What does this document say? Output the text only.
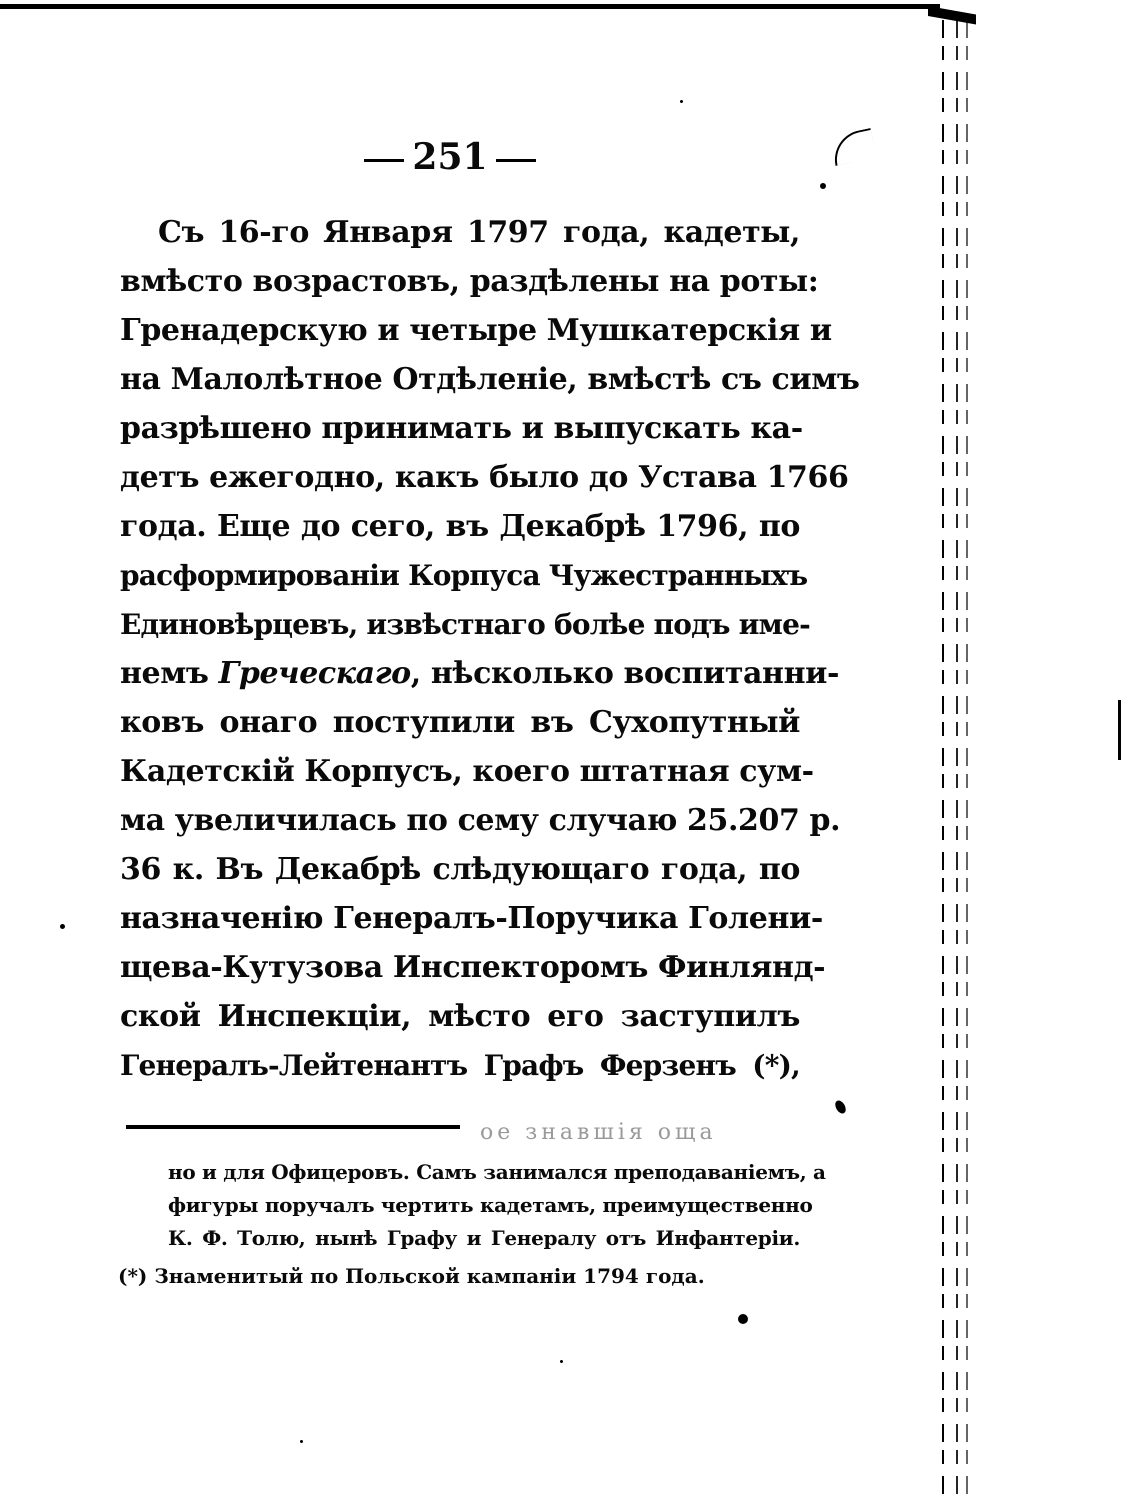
251
Съ 16-го Января 1797 года, кадеты,
вмѣсто возрастовъ, раздѣлены на роты:
Гренадерскую и четыре Мушкатерскія и
на Малолѣтное Отдѣленіе, вмѣстѣ съ симъ
разрѣшено принимать и выпускать ка-
детъ ежегодно, какъ было до Устава 1766
года. Еще до сего, въ Декабрѣ 1796, по
расформированіи Корпуса Чужестранныхъ
Единовѣрцевъ, извѣстнаго болѣе подъ име-
немъ Греческаго, нѣсколько воспитанни-
ковъ онаго поступили въ Сухопутный
Кадетскій Корпусъ, коего штатная сум-
ма увеличилась по сему случаю 25.207 р.
36 к. Въ Декабрѣ слѣдующаго года, по
назначенію Генералъ-Поручика Голени-
щева-Кутузова Инспекторомъ Финлянд-
ской Инспекціи, мѣсто его заступилъ
Генералъ-Лейтенантъ Графъ Ферзенъ (*),
ое знавшія оща
но и для Офицеровъ. Самъ занимался преподаваніемъ, а
фигуры поручалъ чертить кадетамъ, преимущественно
К. Ф. Толю, нынѣ Графу и Генералу отъ Инфантеріи.
(*) Знаменитый по Польской кампаніи 1794 года.
